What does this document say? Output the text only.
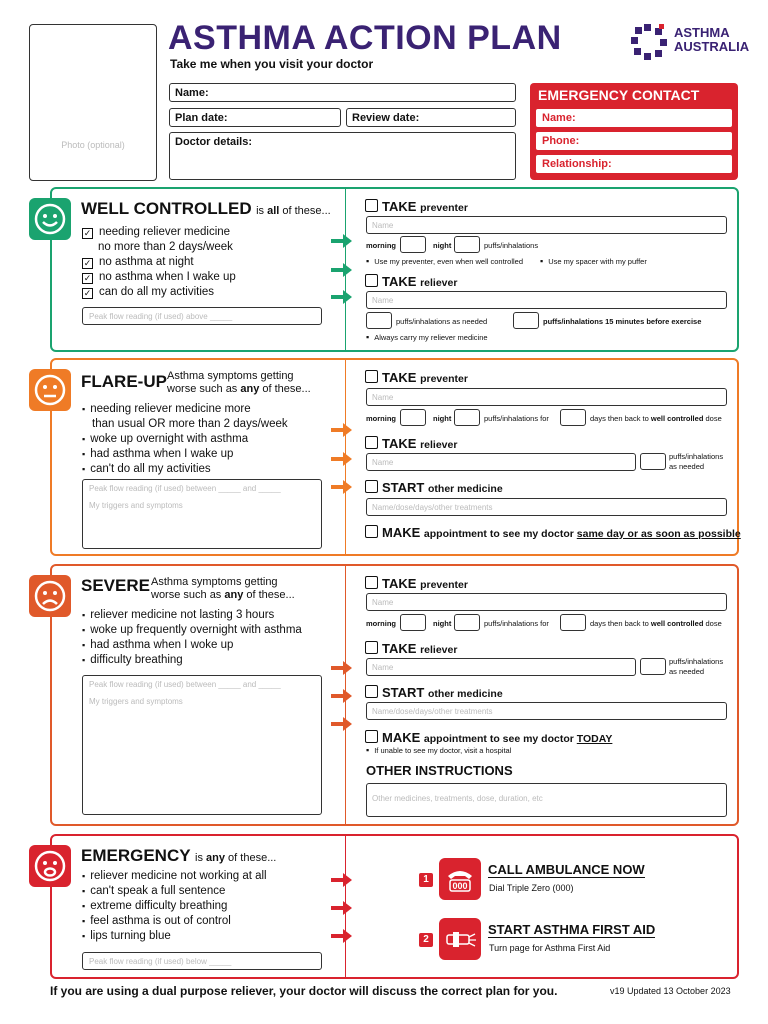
Photo (optional)
ASTHMA ACTION PLAN
Take me when you visit your doctor
ASTHMA
AUSTRALIA
Name:
Plan date:	Review date:
Doctor details:
EMERGENCY CONTACT
Name:
Phone:
Relationship:
WELL CONTROLLED is all of these...
✓ needing reliever medicine
no more than 2 days/week
✓ no asthma at night
✓ no asthma when I wake up
✓ can do all my activities
Peak flow reading (if used) above _____
TAKE preventer
Name
morning	night	puffs/inhalations
▪ Use my preventer, even when well controlled
▪	Use my spacer with my puffer
TAKE reliever
Name
puffs/inhalations as needed	puffs/inhalations 15 minutes before exercise
▪ Always carry my reliever medicine
FLARE-UP Asthma symptoms getting
worse such as any of these...
▪ needing reliever medicine more
than usual OR more than 2 days/week
▪ woke up overnight with asthma
▪ had asthma when I wake up
▪ can't do all my activities
Peak flow reading (if used) between _____ and _____
My triggers and symptoms
TAKE preventer
Name
morning	night	puffs/inhalations for	days then back to well controlled dose
TAKE reliever
Name
puffs/inhalations
as needed
START other medicine
Name/dose/days/other treatments
MAKE appointment to see my doctor same day or as soon as possible
SEVERE Asthma symptoms getting
worse such as any of these...
▪ reliever medicine not lasting 3 hours
▪ woke up frequently overnight with asthma
▪ had asthma when I woke up
▪ difficulty breathing
Peak flow reading (if used) between _____ and _____
My triggers and symptoms
TAKE preventer
Name
morning	night	puffs/inhalations for	days then back to well controlled dose
TAKE reliever
Name
puffs/inhalations
as needed
START other medicine
Name/dose/days/other treatments
MAKE appointment to see my doctor TODAY
▪ If unable to see my doctor, visit a hospital
OTHER INSTRUCTIONS
Other medicines, treatments, dose, duration, etc
EMERGENCY is any of these...
▪ reliever medicine not working at all
▪ can't speak a full sentence
▪ extreme difficulty breathing
▪ feel asthma is out of control
▪ lips turning blue
Peak flow reading (if used) below _____
1
000
CALL AMBULANCE NOW
Dial Triple Zero (000)
2
START ASTHMA FIRST AID
Turn page for Asthma First Aid
If you are using a dual purpose reliever, your doctor will discuss the correct plan for you.	v19 Updated 13 October 2023
